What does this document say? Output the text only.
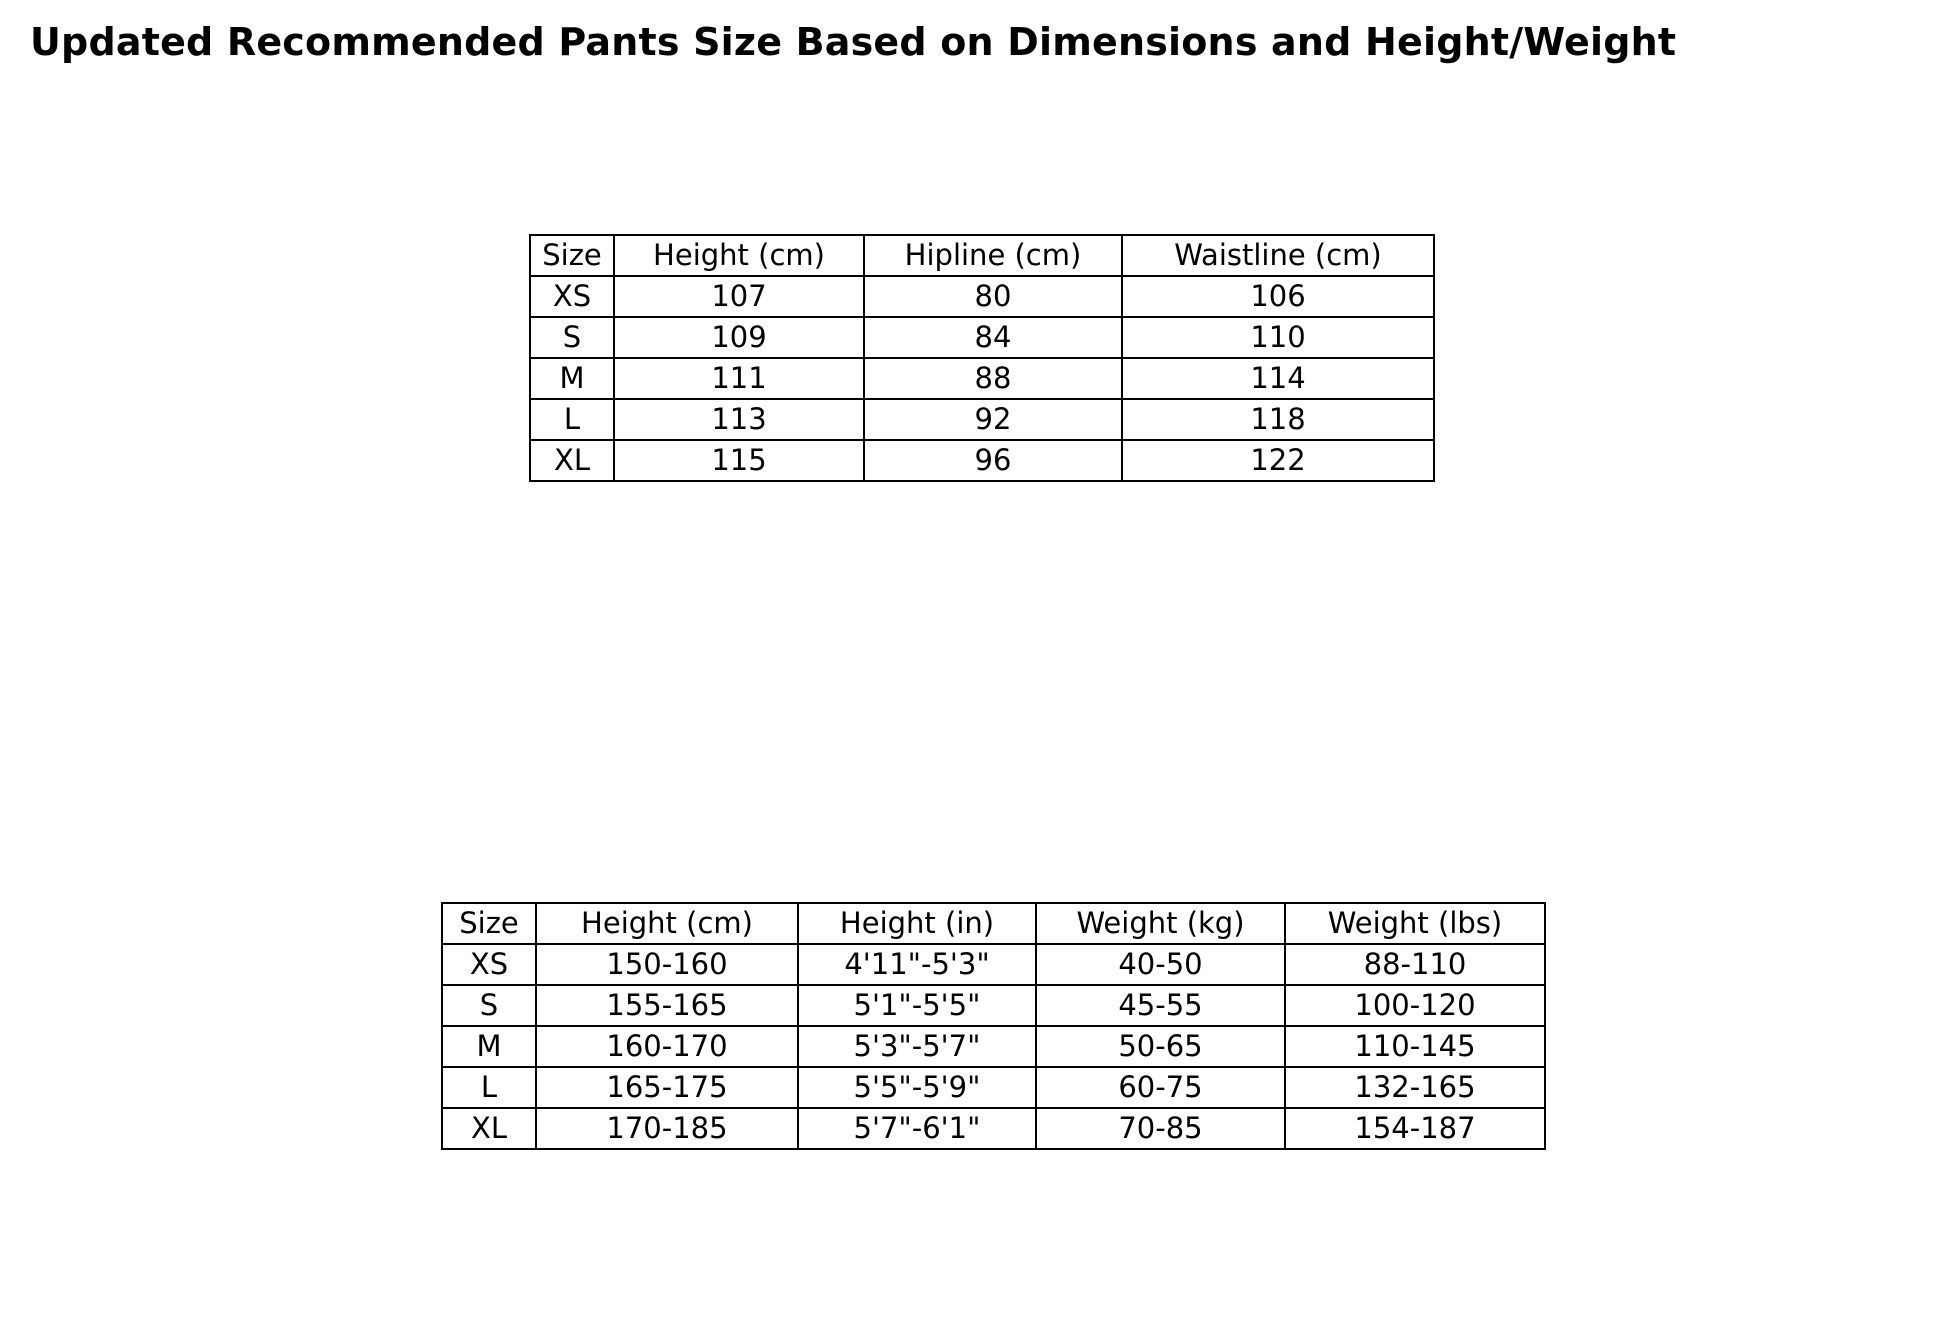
Updated Recommended Pants Size Based on Dimensions and Height/Weight
Size	Height (cm)	Hipline (cm)	Waistline (cm)
XS	107	80	106
S	109	84	110
M	111	88	114
L	113	92	118
XL	115	96	122
Size	Height (cm)	Height (in)	Weight (kg)	Weight (lbs)
XS	150-160	4'11"-5'3"	40-50	88-110
S	155-165	5'1"-5'5"	45-55	100-120
M	160-170	5'3"-5'7"	50-65	110-145
L	165-175	5'5"-5'9"	60-75	132-165
XL	170-185	5'7"-6'1"	70-85	154-187
